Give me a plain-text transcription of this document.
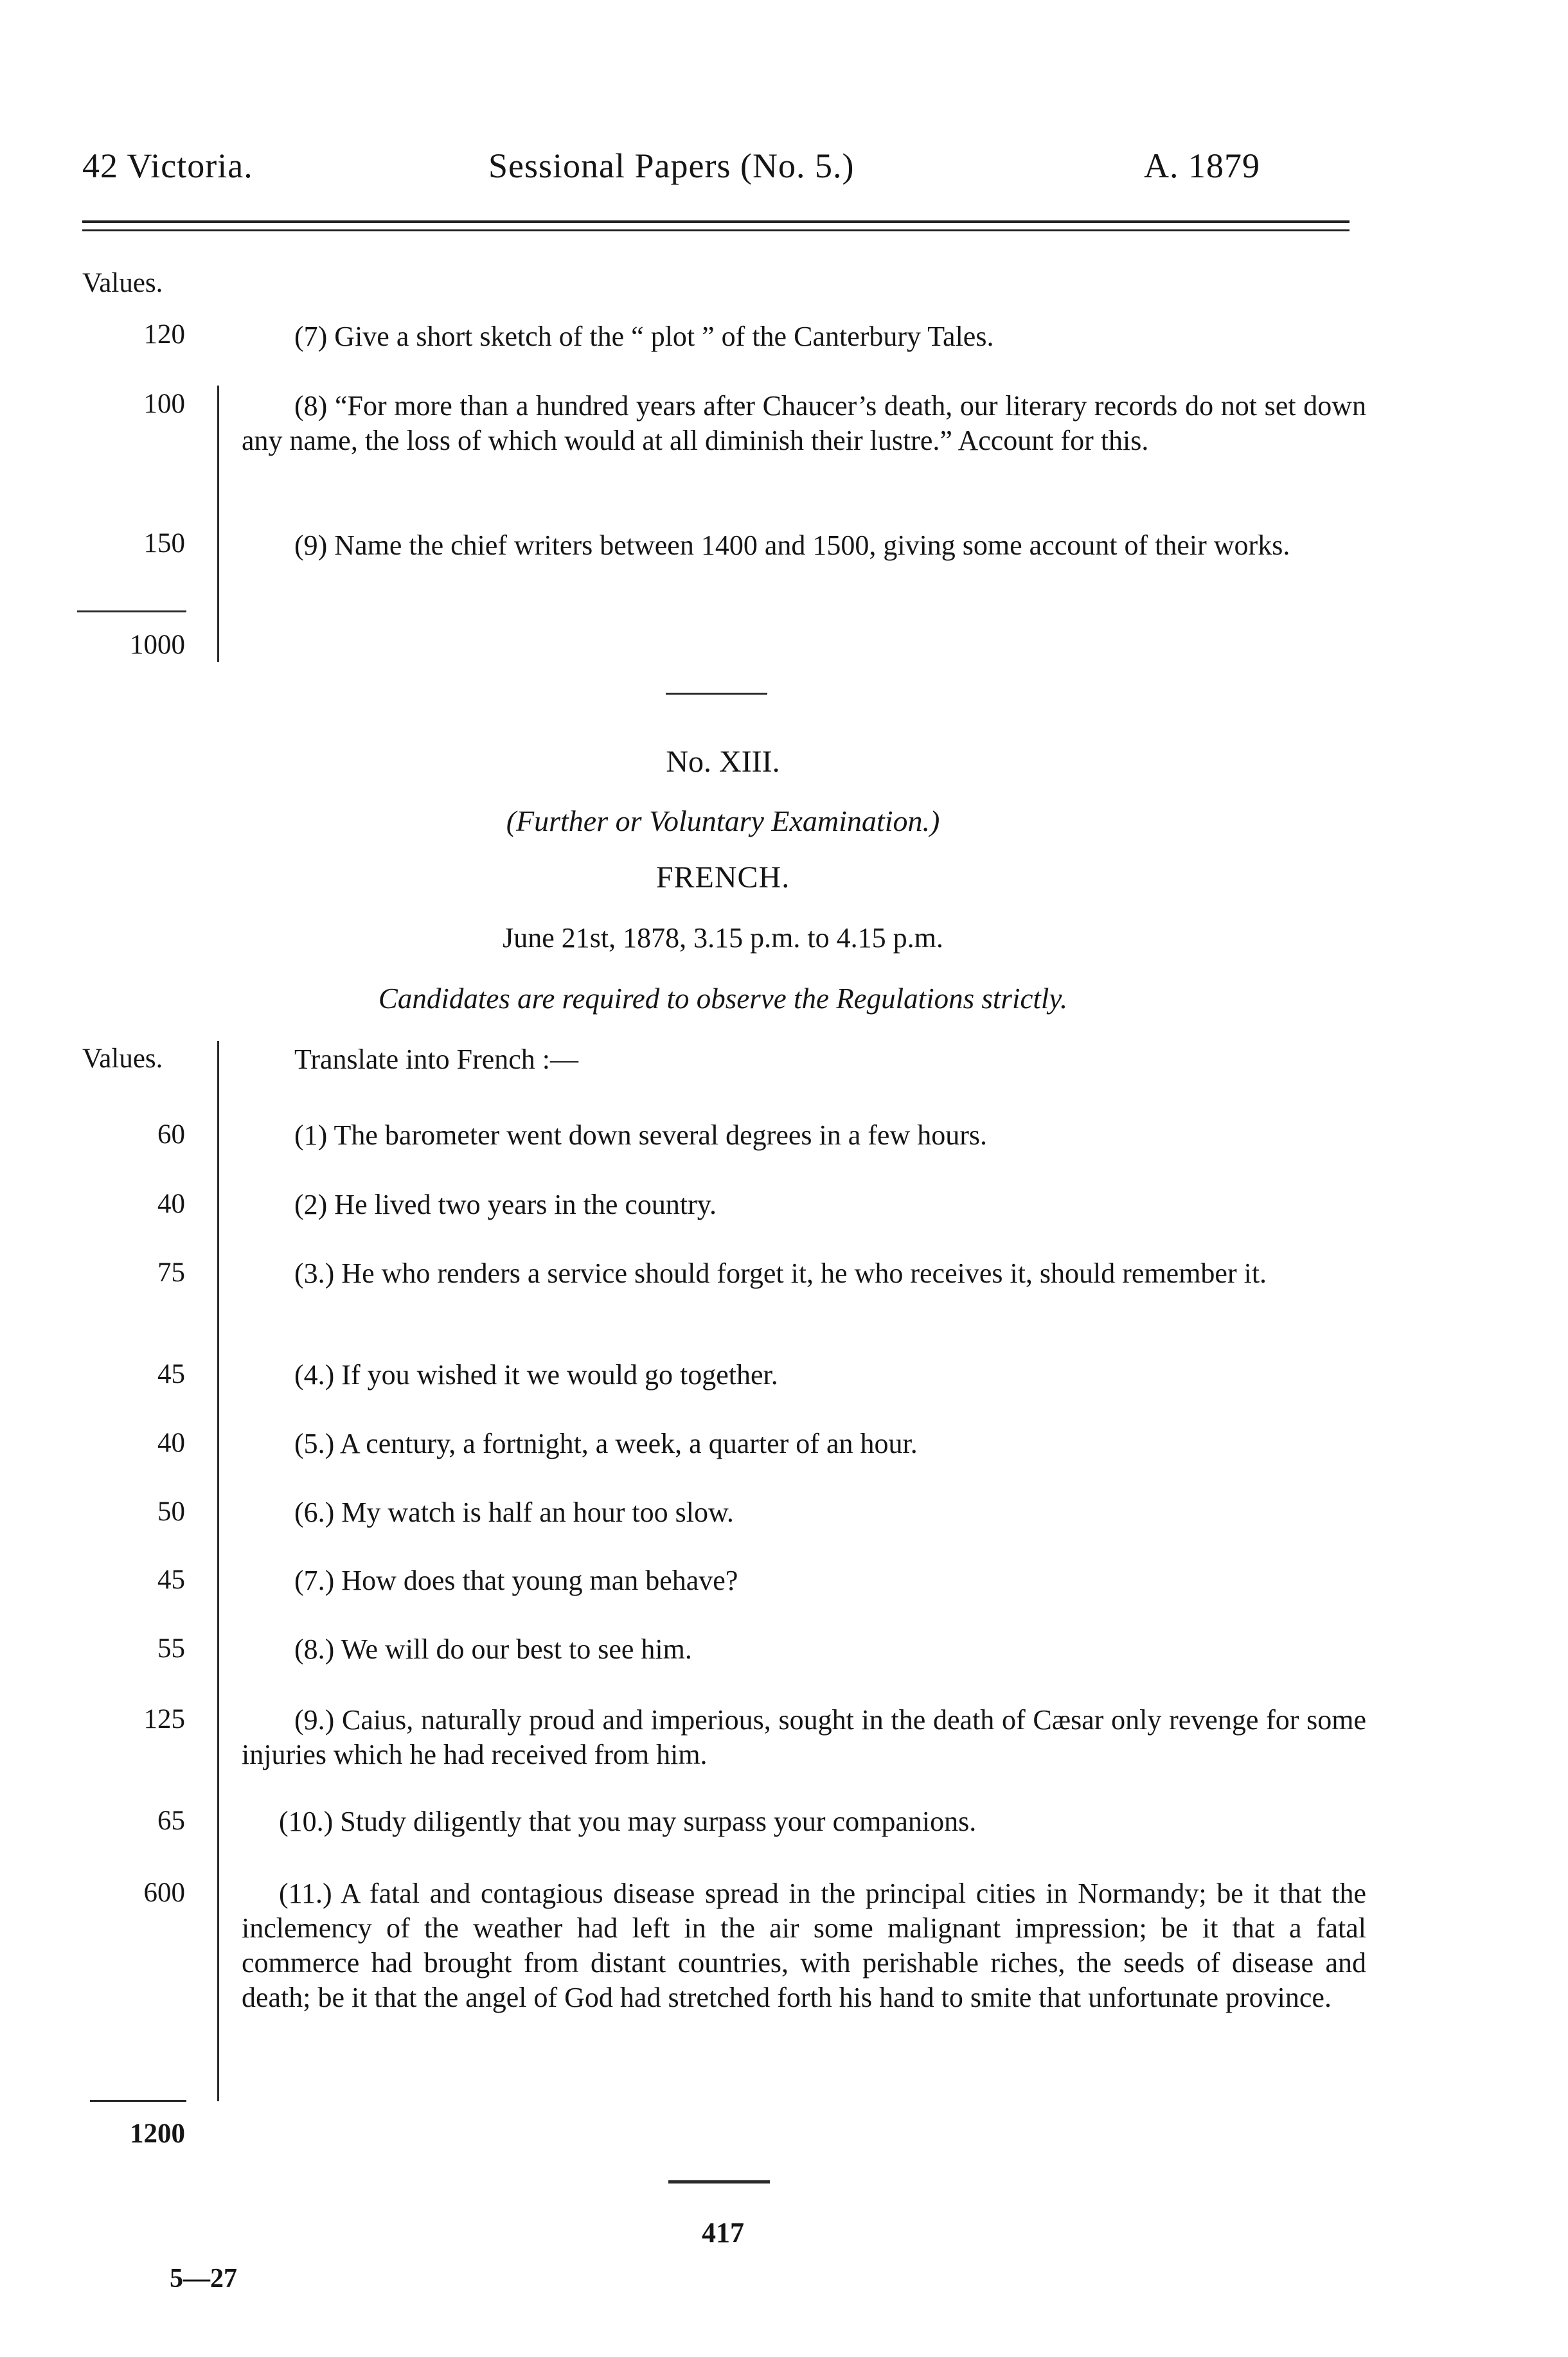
42 Victoria.	Sessional Papers (No. 5.)	A. 1879
Values.
120	(7) Give a short sketch of the “ plot ” of the Canterbury Tales.
100	(8) “For more than a hundred years after Chaucer’s death, our literary records do not set down any name, the loss of which would at all diminish their lustre.” Account for this.
150	(9) Name the chief writers between 1400 and 1500, giving some account of their works.
1000
No. XIII.
(Further or Voluntary Examination.)
FRENCH.
June 21st, 1878, 3.15 p.m. to 4.15 p.m.
Candidates are required to observe the Regulations strictly.
Values.	Translate into French :—
60	(1) The barometer went down several degrees in a few hours.
40	(2) He lived two years in the country.
75	(3.) He who renders a service should forget it, he who receives it, should remember it.
45	(4.) If you wished it we would go together.
40	(5.) A century, a fortnight, a week, a quarter of an hour.
50	(6.) My watch is half an hour too slow.
45	(7.) How does that young man behave?
55	(8.) We will do our best to see him.
125	(9.) Caius, naturally proud and imperious, sought in the death of Cæsar only revenge for some injuries which he had received from him.
65	(10.) Study diligently that you may surpass your companions.
600	(11.) A fatal and contagious disease spread in the principal cities in Normandy; be it that the inclemency of the weather had left in the air some malignant impression; be it that a fatal commerce had brought from distant countries, with perishable riches, the seeds of disease and death; be it that the angel of God had stretched forth his hand to smite that unfortunate province.
1200
417
5—27
